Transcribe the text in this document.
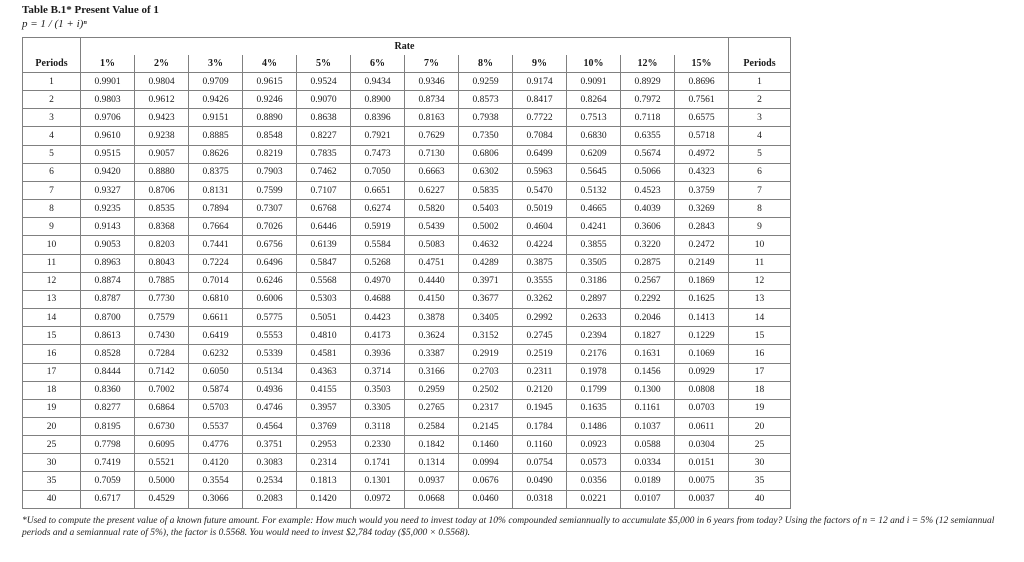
Table B.1* Present Value of 1
p = 1 / (1 + i)ⁿ
	Rate												
Periods	1%	2%	3%	4%	5%	6%	7%	8%	9%	10%	12%	15%	Periods
1	0.9901	0.9804	0.9709	0.9615	0.9524	0.9434	0.9346	0.9259	0.9174	0.9091	0.8929	0.8696	1
2	0.9803	0.9612	0.9426	0.9246	0.9070	0.8900	0.8734	0.8573	0.8417	0.8264	0.7972	0.7561	2
3	0.9706	0.9423	0.9151	0.8890	0.8638	0.8396	0.8163	0.7938	0.7722	0.7513	0.7118	0.6575	3
4	0.9610	0.9238	0.8885	0.8548	0.8227	0.7921	0.7629	0.7350	0.7084	0.6830	0.6355	0.5718	4
5	0.9515	0.9057	0.8626	0.8219	0.7835	0.7473	0.7130	0.6806	0.6499	0.6209	0.5674	0.4972	5
6	0.9420	0.8880	0.8375	0.7903	0.7462	0.7050	0.6663	0.6302	0.5963	0.5645	0.5066	0.4323	6
7	0.9327	0.8706	0.8131	0.7599	0.7107	0.6651	0.6227	0.5835	0.5470	0.5132	0.4523	0.3759	7
8	0.9235	0.8535	0.7894	0.7307	0.6768	0.6274	0.5820	0.5403	0.5019	0.4665	0.4039	0.3269	8
9	0.9143	0.8368	0.7664	0.7026	0.6446	0.5919	0.5439	0.5002	0.4604	0.4241	0.3606	0.2843	9
10	0.9053	0.8203	0.7441	0.6756	0.6139	0.5584	0.5083	0.4632	0.4224	0.3855	0.3220	0.2472	10
11	0.8963	0.8043	0.7224	0.6496	0.5847	0.5268	0.4751	0.4289	0.3875	0.3505	0.2875	0.2149	11
12	0.8874	0.7885	0.7014	0.6246	0.5568	0.4970	0.4440	0.3971	0.3555	0.3186	0.2567	0.1869	12
13	0.8787	0.7730	0.6810	0.6006	0.5303	0.4688	0.4150	0.3677	0.3262	0.2897	0.2292	0.1625	13
14	0.8700	0.7579	0.6611	0.5775	0.5051	0.4423	0.3878	0.3405	0.2992	0.2633	0.2046	0.1413	14
15	0.8613	0.7430	0.6419	0.5553	0.4810	0.4173	0.3624	0.3152	0.2745	0.2394	0.1827	0.1229	15
16	0.8528	0.7284	0.6232	0.5339	0.4581	0.3936	0.3387	0.2919	0.2519	0.2176	0.1631	0.1069	16
17	0.8444	0.7142	0.6050	0.5134	0.4363	0.3714	0.3166	0.2703	0.2311	0.1978	0.1456	0.0929	17
18	0.8360	0.7002	0.5874	0.4936	0.4155	0.3503	0.2959	0.2502	0.2120	0.1799	0.1300	0.0808	18
19	0.8277	0.6864	0.5703	0.4746	0.3957	0.3305	0.2765	0.2317	0.1945	0.1635	0.1161	0.0703	19
20	0.8195	0.6730	0.5537	0.4564	0.3769	0.3118	0.2584	0.2145	0.1784	0.1486	0.1037	0.0611	20
25	0.7798	0.6095	0.4776	0.3751	0.2953	0.2330	0.1842	0.1460	0.1160	0.0923	0.0588	0.0304	25
30	0.7419	0.5521	0.4120	0.3083	0.2314	0.1741	0.1314	0.0994	0.0754	0.0573	0.0334	0.0151	30
35	0.7059	0.5000	0.3554	0.2534	0.1813	0.1301	0.0937	0.0676	0.0490	0.0356	0.0189	0.0075	35
40	0.6717	0.4529	0.3066	0.2083	0.1420	0.0972	0.0668	0.0460	0.0318	0.0221	0.0107	0.0037	40
*Used to compute the present value of a known future amount. For example: How much would you need to invest today at 10% compounded semiannually to accumulate $5,000 in 6 years from today? Using the factors of n = 12 and i = 5% (12 semiannual periods and a semiannual rate of 5%), the factor is 0.5568. You would need to invest $2,784 today ($5,000 × 0.5568).
